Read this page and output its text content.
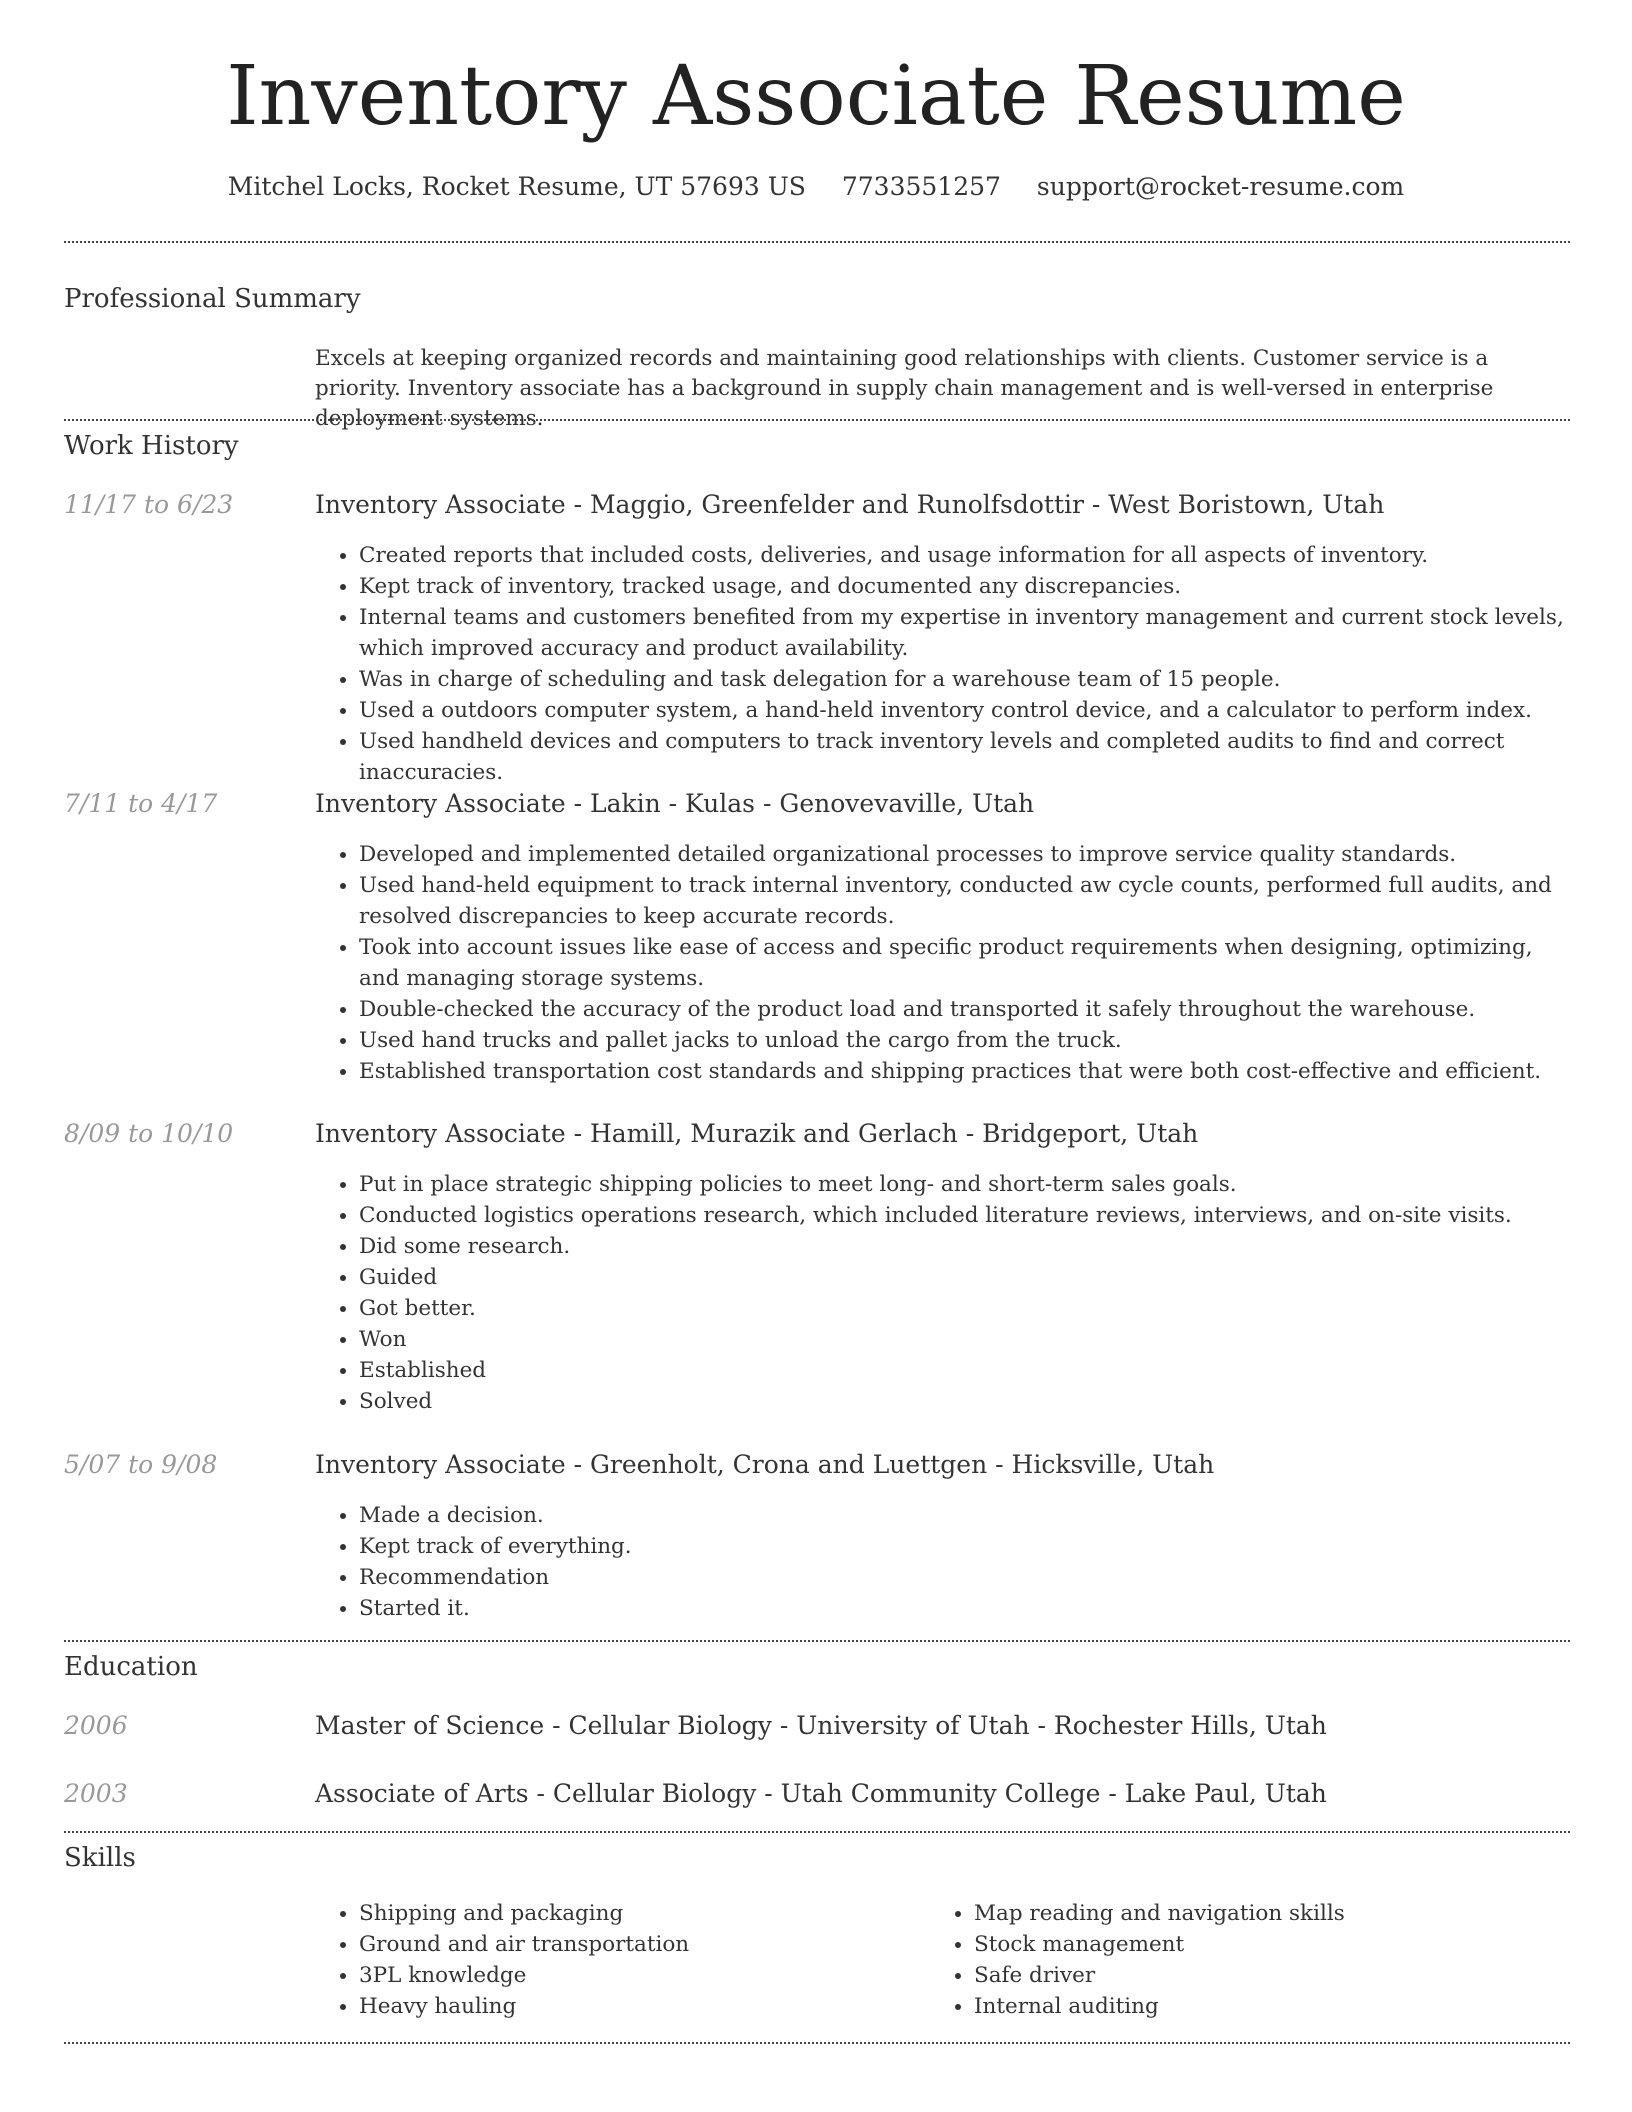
Inventory Associate Resume
Mitchel Locks, Rocket Resume, UT 57693 US 7733551257 support@rocket-resume.com
Professional Summary
Excels at keeping organized records and maintaining good relationships with clients. Customer service is a priority. Inventory associate has a background in supply chain management and is well-versed in enterprise deployment systems.
Work History
11/17 to 6/23	Inventory Associate - Maggio, Greenfelder and Runolfsdottir - West Boristown, Utah
• Created reports that included costs, deliveries, and usage information for all aspects of inventory.
• Kept track of inventory, tracked usage, and documented any discrepancies.
• Internal teams and customers benefited from my expertise in inventory management and current stock levels, which improved accuracy and product availability.
• Was in charge of scheduling and task delegation for a warehouse team of 15 people.
• Used a outdoors computer system, a hand-held inventory control device, and a calculator to perform index.
• Used handheld devices and computers to track inventory levels and completed audits to find and correct inaccuracies.
7/11 to 4/17	Inventory Associate - Lakin - Kulas - Genovevaville, Utah
• Developed and implemented detailed organizational processes to improve service quality standards.
• Used hand-held equipment to track internal inventory, conducted aw cycle counts, performed full audits, and resolved discrepancies to keep accurate records.
• Took into account issues like ease of access and specific product requirements when designing, optimizing, and managing storage systems.
• Double-checked the accuracy of the product load and transported it safely throughout the warehouse.
• Used hand trucks and pallet jacks to unload the cargo from the truck.
• Established transportation cost standards and shipping practices that were both cost-effective and efficient.
8/09 to 10/10	Inventory Associate - Hamill, Murazik and Gerlach - Bridgeport, Utah
• Put in place strategic shipping policies to meet long- and short-term sales goals.
• Conducted logistics operations research, which included literature reviews, interviews, and on-site visits.
• Did some research.
• Guided
• Got better.
• Won
• Established
• Solved
5/07 to 9/08	Inventory Associate - Greenholt, Crona and Luettgen - Hicksville, Utah
• Made a decision.
• Kept track of everything.
• Recommendation
• Started it.
Education
2006	Master of Science - Cellular Biology - University of Utah - Rochester Hills, Utah
2003	Associate of Arts - Cellular Biology - Utah Community College - Lake Paul, Utah
Skills
• Shipping and packaging
• Ground and air transportation
• 3PL knowledge
• Heavy hauling
• Map reading and navigation skills
• Stock management
• Safe driver
• Internal auditing
